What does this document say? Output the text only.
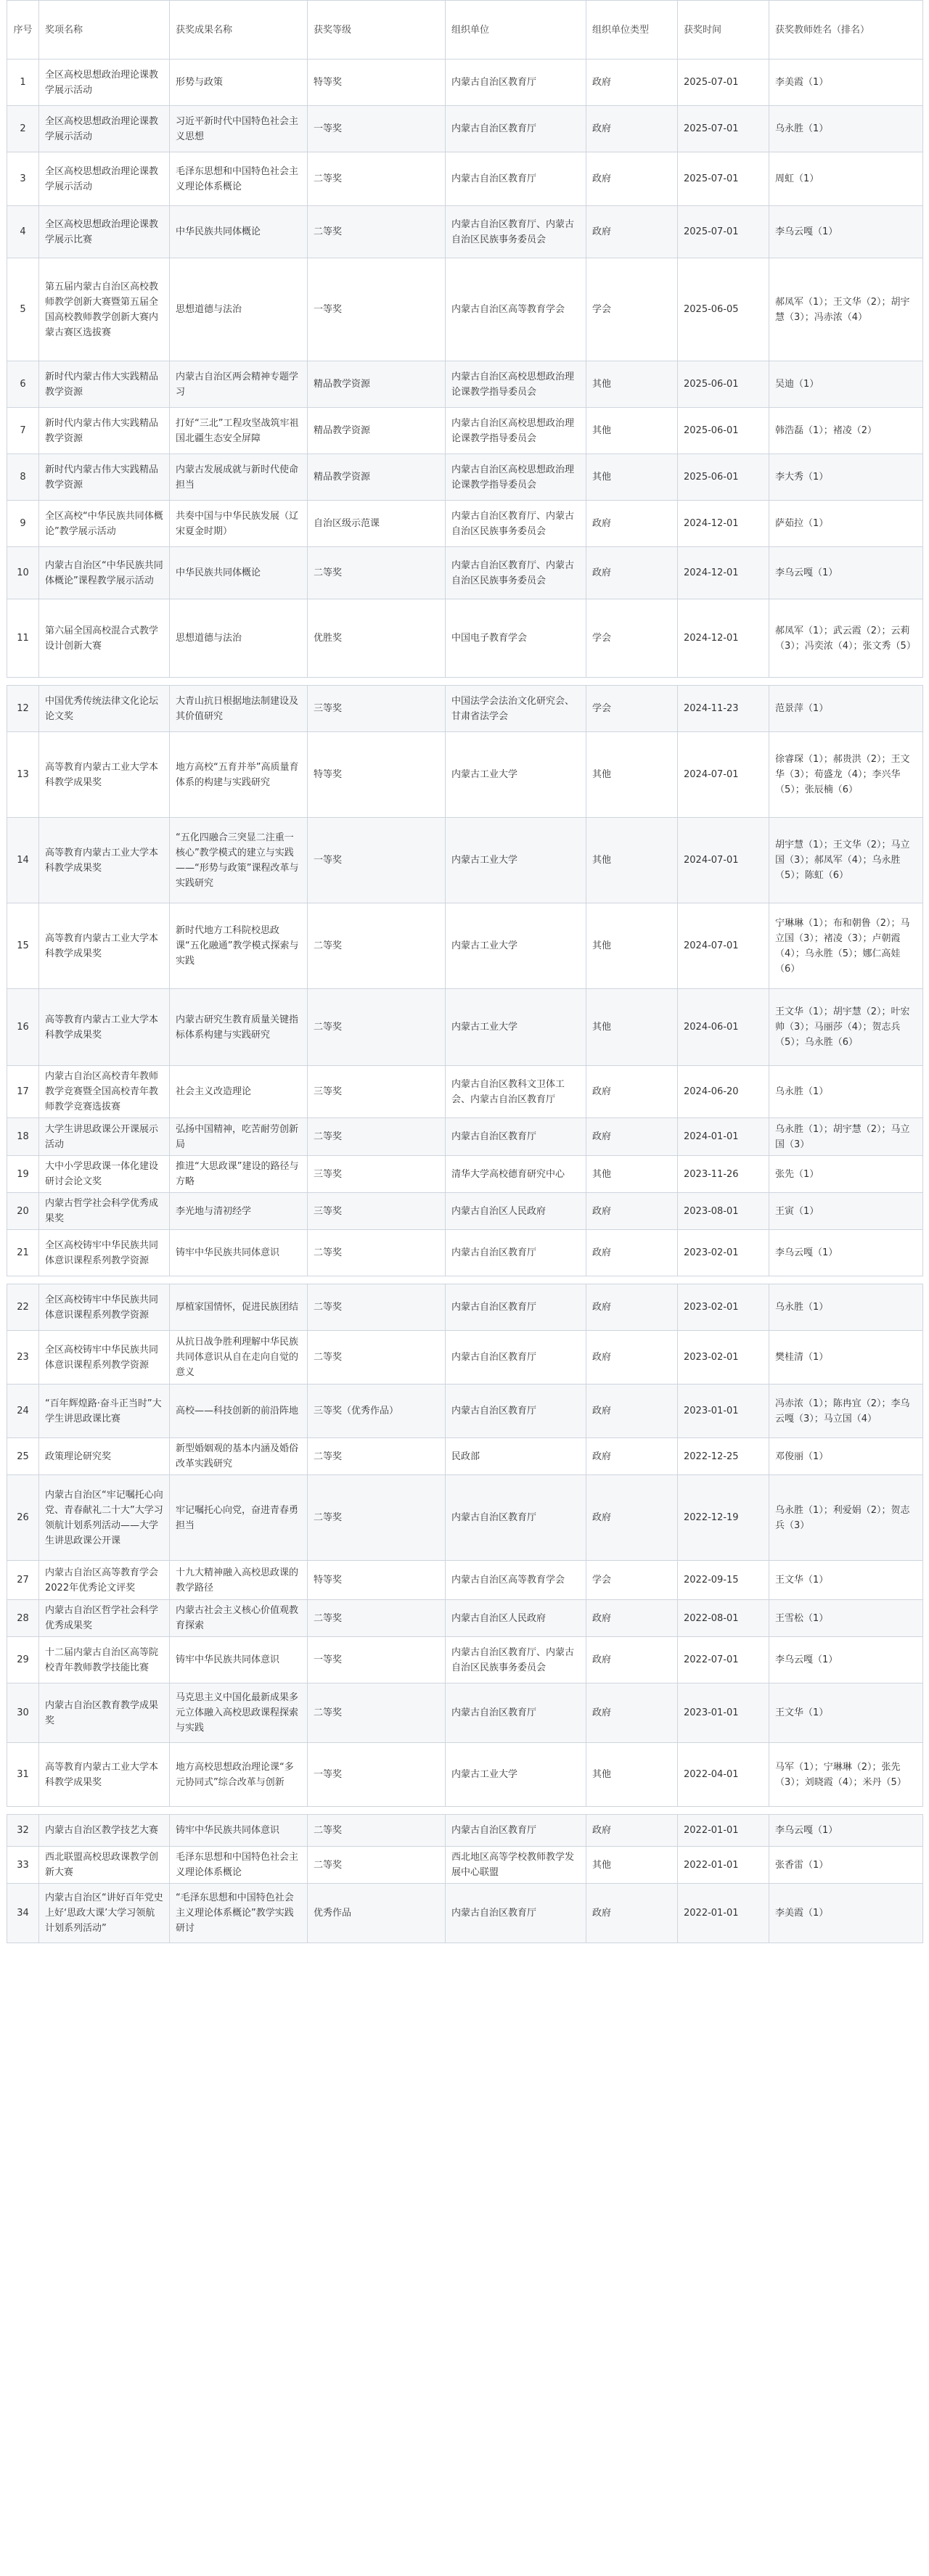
序号	奖项名称	获奖成果名称	获奖等级	组织单位	组织单位类型	获奖时间	获奖教师姓名（排名）
1	全区高校思想政治理论课教学展示活动	形势与政策	特等奖	内蒙古自治区教育厅	政府	2025-07-01	李美霞（1）
2	全区高校思想政治理论课教学展示活动	习近平新时代中国特色社会主义思想	一等奖	内蒙古自治区教育厅	政府	2025-07-01	乌永胜（1）
3	全区高校思想政治理论课教学展示活动	毛泽东思想和中国特色社会主义理论体系概论	二等奖	内蒙古自治区教育厅	政府	2025-07-01	周虹（1）
4	全区高校思想政治理论课教学展示比赛	中华民族共同体概论	二等奖	内蒙古自治区教育厅、内蒙古自治区民族事务委员会	政府	2025-07-01	李乌云嘎（1）
5	第五届内蒙古自治区高校教师教学创新大赛暨第五届全国高校教师教学创新大赛内蒙古赛区选拔赛	思想道德与法治	一等奖	内蒙古自治区高等教育学会	学会	2025-06-05	郝凤军（1）；王文华（2）；胡宇慧（3）；冯赤浓（4）
6	新时代内蒙古伟大实践精品教学资源	内蒙古自治区两会精神专题学习	精品教学资源	内蒙古自治区高校思想政治理论课教学指导委员会	其他	2025-06-01	吴迪（1）
7	新时代内蒙古伟大实践精品教学资源	打好“三北”工程攻坚战筑牢祖国北疆生态安全屏障	精品教学资源	内蒙古自治区高校思想政治理论课教学指导委员会	其他	2025-06-01	韩浩磊（1）；褚凌（2）
8	新时代内蒙古伟大实践精品教学资源	内蒙古发展成就与新时代使命担当	精品教学资源	内蒙古自治区高校思想政治理论课教学指导委员会	其他	2025-06-01	李大秀（1）
9	全区高校“中华民族共同体概论”教学展示活动	共奏中国与中华民族发展（辽宋夏金时期）	自治区级示范课	内蒙古自治区教育厅、内蒙古自治区民族事务委员会	政府	2024-12-01	萨茹拉（1）
10	内蒙古自治区“中华民族共同体概论”课程教学展示活动	中华民族共同体概论	二等奖	内蒙古自治区教育厅、内蒙古自治区民族事务委员会	政府	2024-12-01	李乌云嘎（1）
11	第六届全国高校混合式教学设计创新大赛	思想道德与法治	优胜奖	中国电子教育学会	学会	2024-12-01	郝凤军（1）；武云霞（2）；云莉（3）；冯奕浓（4）；张文秀（5）

12	中国优秀传统法律文化论坛论文奖	大青山抗日根据地法制建设及其价值研究	三等奖	中国法学会法治文化研究会、甘肃省法学会	学会	2024-11-23	范景萍（1）
13	高等教育内蒙古工业大学本科教学成果奖	地方高校“五育并举”高质量育体系的构建与实践研究	特等奖	内蒙古工业大学	其他	2024-07-01	徐睿琛（1）；郝贵洪（2）；王文华（3）；荀盛龙（4）；李兴华（5）；张辰楠（6）
14	高等教育内蒙古工业大学本科教学成果奖	“五化四融合三突显二注重一核心”教学模式的建立与实践——“形势与政策”课程改革与实践研究	一等奖	内蒙古工业大学	其他	2024-07-01	胡宇慧（1）；王文华（2）；马立国（3）；郝凤军（4）；乌永胜（5）；陈虹（6）
15	高等教育内蒙古工业大学本科教学成果奖	新时代地方工科院校思政课“五化融通”教学模式探索与实践	二等奖	内蒙古工业大学	其他	2024-07-01	宁琳琳（1）；布和朝鲁（2）；马立国（3）；褚凌（3）；卢朝霞（4）；乌永胜（5）；娜仁高娃（6）
16	高等教育内蒙古工业大学本科教学成果奖	内蒙古研究生教育质量关键指标体系构建与实践研究	二等奖	内蒙古工业大学	其他	2024-06-01	王文华（1）；胡宇慧（2）；叶宏帅（3）；马丽莎（4）；贺志兵（5）；乌永胜（6）
17	内蒙古自治区高校青年教师教学竞赛暨全国高校青年教师教学竞赛选拔赛	社会主义改造理论	三等奖	内蒙古自治区教科文卫体工会、内蒙古自治区教育厅	政府	2024-06-20	乌永胜（1）
18	大学生讲思政课公开课展示活动	弘扬中国精神，吃苦耐劳创新局	二等奖	内蒙古自治区教育厅	政府	2024-01-01	乌永胜（1）；胡宇慧（2）；马立国（3）
19	大中小学思政课一体化建设研讨会论文奖	推进“大思政课”建设的路径与方略	三等奖	清华大学高校德育研究中心	其他	2023-11-26	张先（1）
20	内蒙古哲学社会科学优秀成果奖	李光地与清初经学	三等奖	内蒙古自治区人民政府	政府	2023-08-01	王寅（1）
21	全区高校铸牢中华民族共同体意识课程系列教学资源	铸牢中华民族共同体意识	二等奖	内蒙古自治区教育厅	政府	2023-02-01	李乌云嘎（1）

22	全区高校铸牢中华民族共同体意识课程系列教学资源	厚植家国情怀，促进民族团结	二等奖	内蒙古自治区教育厅	政府	2023-02-01	乌永胜（1）
23	全区高校铸牢中华民族共同体意识课程系列教学资源	从抗日战争胜利理解中华民族共同体意识从自在走向自觉的意义	二等奖	内蒙古自治区教育厅	政府	2023-02-01	樊桂清（1）
24	“百年辉煌路·奋斗正当时”大学生讲思政课比赛	高校——科技创新的前沿阵地	三等奖（优秀作品）	内蒙古自治区教育厅	政府	2023-01-01	冯赤浓（1）；陈冉宜（2）；李乌云嘎（3）；马立国（4）
25	政策理论研究奖	新型婚姻观的基本内涵及婚俗改革实践研究	二等奖	民政部	政府	2022-12-25	邓俊丽（1）
26	内蒙古自治区“牢记嘱托心向党、青春献礼二十大”大学习领航计划系列活动——大学生讲思政课公开课	牢记嘱托心向党，奋进青春勇担当	二等奖	内蒙古自治区教育厅	政府	2022-12-19	乌永胜（1）；利爱娟（2）；贺志兵（3）
27	内蒙古自治区高等教育学会2022年优秀论文评奖	十九大精神融入高校思政课的教学路径	特等奖	内蒙古自治区高等教育学会	学会	2022-09-15	王文华（1）
28	内蒙古自治区哲学社会科学优秀成果奖	内蒙古社会主义核心价值观教育探索	二等奖	内蒙古自治区人民政府	政府	2022-08-01	王雪松（1）
29	十二届内蒙古自治区高等院校青年教师教学技能比赛	铸牢中华民族共同体意识	一等奖	内蒙古自治区教育厅、内蒙古自治区民族事务委员会	政府	2022-07-01	李乌云嘎（1）
30	内蒙古自治区教育教学成果奖	马克思主义中国化最新成果多元立体融入高校思政课程探索与实践	二等奖	内蒙古自治区教育厅	政府	2023-01-01	王文华（1）
31	高等教育内蒙古工业大学本科教学成果奖	地方高校思想政治理论课“多元协同式”综合改革与创新	一等奖	内蒙古工业大学	其他	2022-04-01	马军（1）；宁琳琳（2）；张先（3）；刘晓霞（4）；米丹（5）

32	内蒙古自治区教学技艺大赛	铸牢中华民族共同体意识	二等奖	内蒙古自治区教育厅	政府	2022-01-01	李乌云嘎（1）
33	西北联盟高校思政课教学创新大赛	毛泽东思想和中国特色社会主义理论体系概论	二等奖	西北地区高等学校教师教学发展中心联盟	其他	2022-01-01	张香雷（1）
34	内蒙古自治区“讲好百年党史上好‘思政大课’大学习领航计划系列活动”	“毛泽东思想和中国特色社会主义理论体系概论”教学实践研讨	优秀作品	内蒙古自治区教育厅	政府	2022-01-01	李美霞（1）
